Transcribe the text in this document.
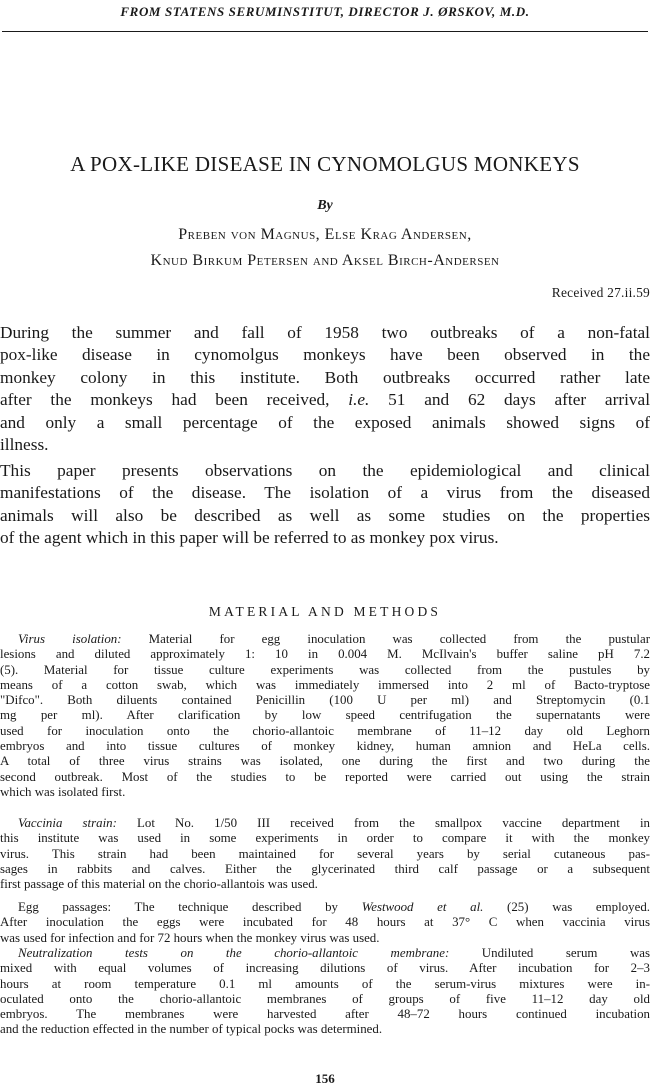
FROM STATENS SERUMINSTITUT, DIRECTOR J. ØRSKOV, M.D.
A POX-LIKE DISEASE IN CYNOMOLGUS MONKEYS
By
Preben von Magnus, Else Krag Andersen,
Knud Birkum Petersen and Aksel Birch-Andersen
Received 27.ii.59
During the summer and fall of 1958 two outbreaks of a non-fatal
pox-like disease in cynomolgus monkeys have been observed in the
monkey colony in this institute. Both outbreaks occurred rather late
after the monkeys had been received, i.e. 51 and 62 days after arrival
and only a small percentage of the exposed animals showed signs of
illness.
This paper presents observations on the epidemiological and clinical
manifestations of the disease. The isolation of a virus from the diseased
animals will also be described as well as some studies on the properties
of the agent which in this paper will be referred to as monkey pox virus.
MATERIAL AND METHODS
Virus isolation: Material for egg inoculation was collected from the pustular
lesions and diluted approximately 1: 10 in 0.004 M. McIlvain's buffer saline pH 7.2
(5). Material for tissue culture experiments was collected from the pustules by
means of a cotton swab, which was immediately immersed into 2 ml of Bacto-tryptose
"Difco". Both diluents contained Penicillin (100 U per ml) and Streptomycin (0.1
mg per ml). After clarification by low speed centrifugation the supernatants were
used for inoculation onto the chorio-allantoic membrane of 11–12 day old Leghorn
embryos and into tissue cultures of monkey kidney, human amnion and HeLa cells.
A total of three virus strains was isolated, one during the first and two during the
second outbreak. Most of the studies to be reported were carried out using the strain
which was isolated first.
Vaccinia strain: Lot No. 1/50 III received from the smallpox vaccine department in
this institute was used in some experiments in order to compare it with the monkey
virus. This strain had been maintained for several years by serial cutaneous pas-
sages in rabbits and calves. Either the glycerinated third calf passage or a subsequent
first passage of this material on the chorio-allantois was used.
Egg passages: The technique described by Westwood et al. (25) was employed.
After inoculation the eggs were incubated for 48 hours at 37° C when vaccinia virus
was used for infection and for 72 hours when the monkey virus was used.
Neutralization tests on the chorio-allantoic membrane: Undiluted serum was
mixed with equal volumes of increasing dilutions of virus. After incubation for 2–3
hours at room temperature 0.1 ml amounts of the serum-virus mixtures were in-
oculated onto the chorio-allantoic membranes of groups of five 11–12 day old
embryos. The membranes were harvested after 48–72 hours continued incubation
and the reduction effected in the number of typical pocks was determined.
156
